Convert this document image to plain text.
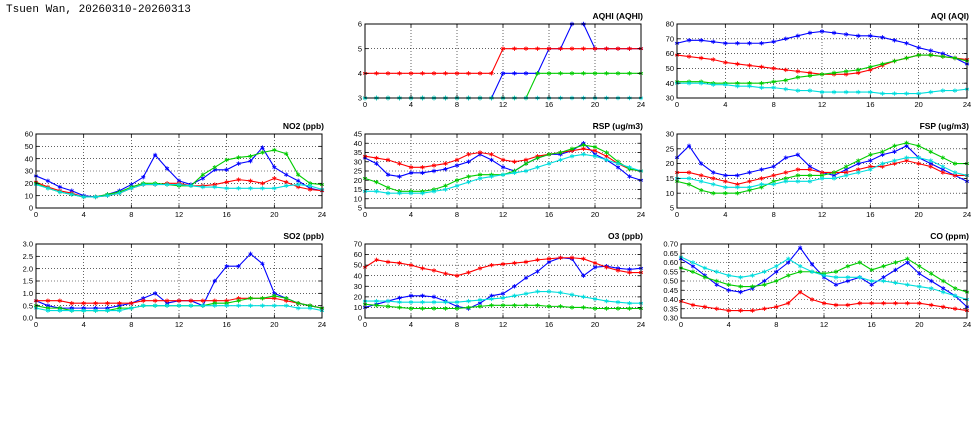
Tsuen Wan, 20260310-20260313	AQHI (AQHI)
0	4	8	12	16	20	24
3
4
5
6
AQI (AQI)
0	4	8	12	16	20	24
30
40
50
60
70
80
NO2 (ppb)
0	4	8	12	16	20	24
0
10
20
30
40
50
60
RSP (ug/m3)
0	4	8	12	16	20	24
5
10
15
20
25
30
35
40
45
FSP (ug/m3)
0	4	8	12	16	20	24
5
10
15
20
25
30
SO2 (ppb)
0	4	8	12	16	20	24
0.0
0.5
1.0
1.5
2.0
2.5
3.0
O3 (ppb)
0	4	8	12	16	20	24
0
10
20
30
40
50
60
70
CO (ppm)
0	4	8	12	16	20	24
0.30
0.35
0.40
0.45
0.50
0.55
0.60
0.65
0.70
